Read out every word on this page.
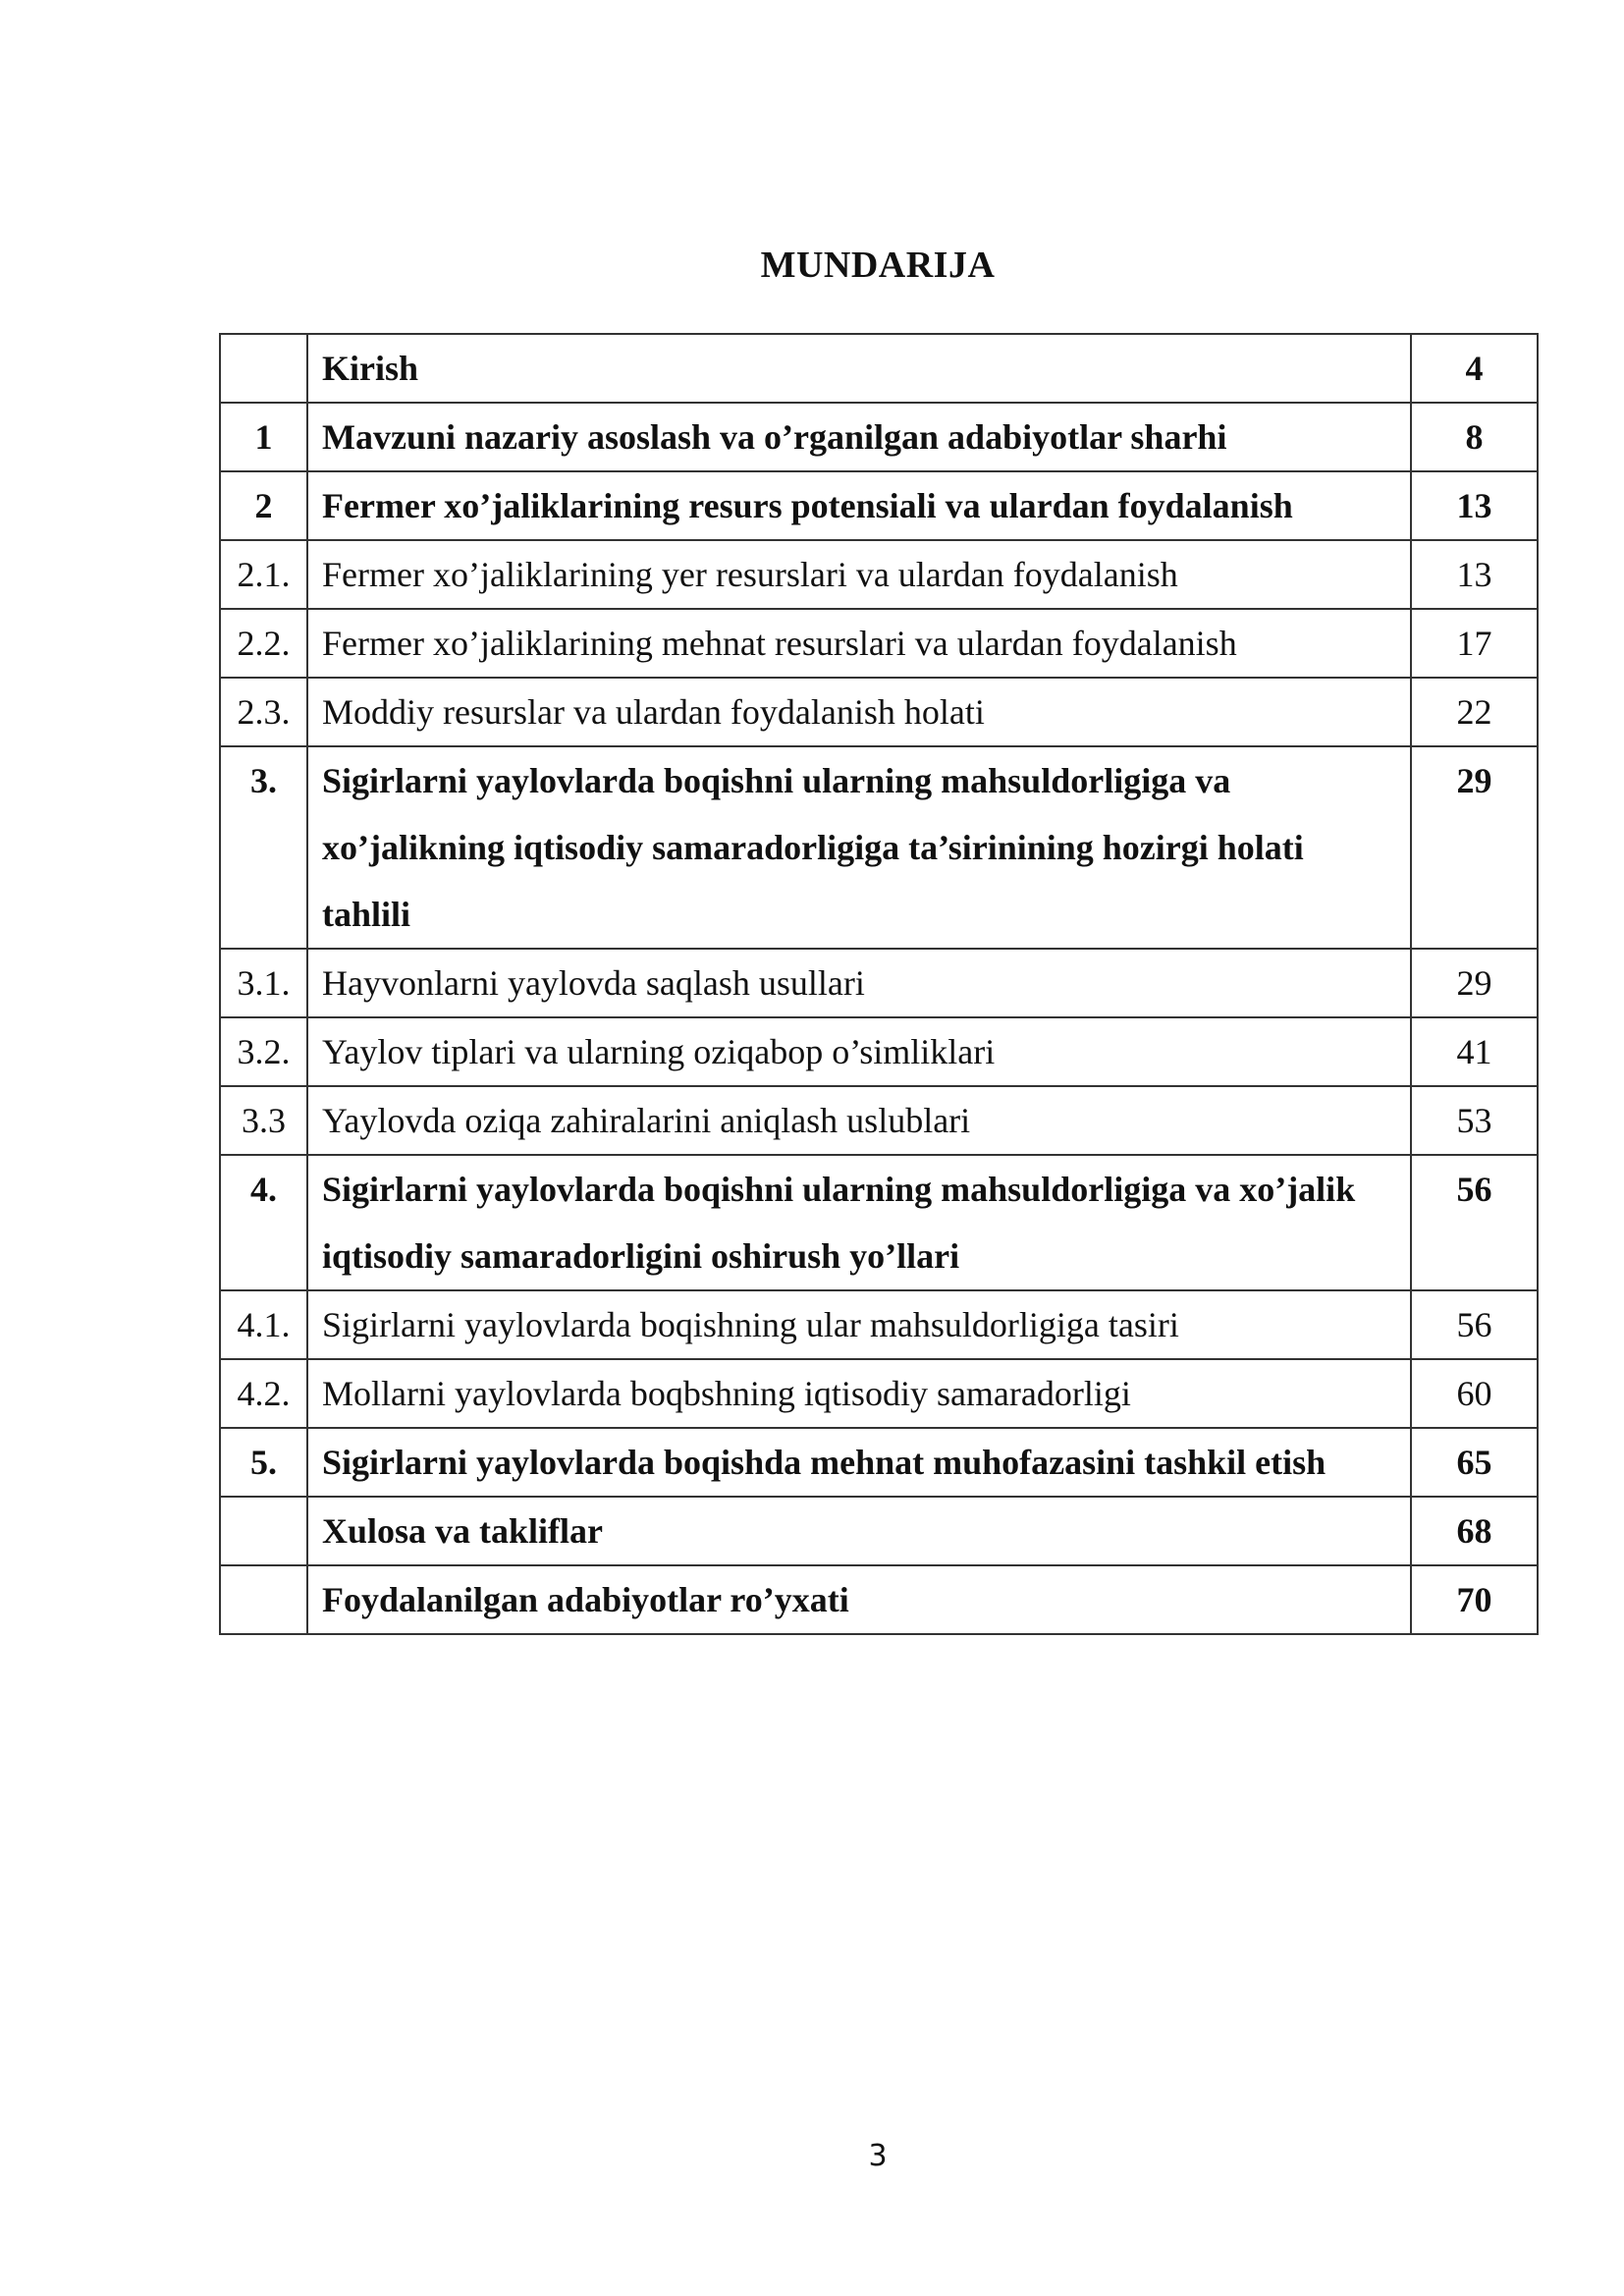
MUNDARIJA
	Kirish	4
1	Mavzuni nazariy asoslash va o’rganilgan adabiyotlar sharhi	8
2	Fermer xo’jaliklarining resurs potensiali va ulardan foydalanish	13
2.1.	Fermer xo’jaliklarining yer resurslari va ulardan foydalanish	13
2.2.	Fermer xo’jaliklarining mehnat resurslari va ulardan foydalanish	17
2.3.	Moddiy resurslar va ulardan foydalanish holati	22
3.	Sigirlarni yaylovlarda boqishni ularning mahsuldorligiga va xo’jalikning iqtisodiy samaradorligiga ta’sirinining hozirgi holati tahlili	29
3.1.	Hayvonlarni yaylovda saqlash usullari	29
3.2.	Yaylov tiplari va ularning oziqabop o’simliklari	41
3.3	Yaylovda oziqa zahiralarini aniqlash uslublari	53
4.	Sigirlarni yaylovlarda boqishni ularning mahsuldorligiga va xo’jalik iqtisodiy samaradorligini oshirush yo’llari	56
4.1.	Sigirlarni yaylovlarda boqishning ular mahsuldorligiga tasiri	56
4.2.	Mollarni yaylovlarda boqbshning iqtisodiy samaradorligi	60
5.	Sigirlarni yaylovlarda boqishda mehnat muhofazasini tashkil etish	65
	Xulosa va takliflar	68
	Foydalanilgan adabiyotlar ro’yxati	70
3
